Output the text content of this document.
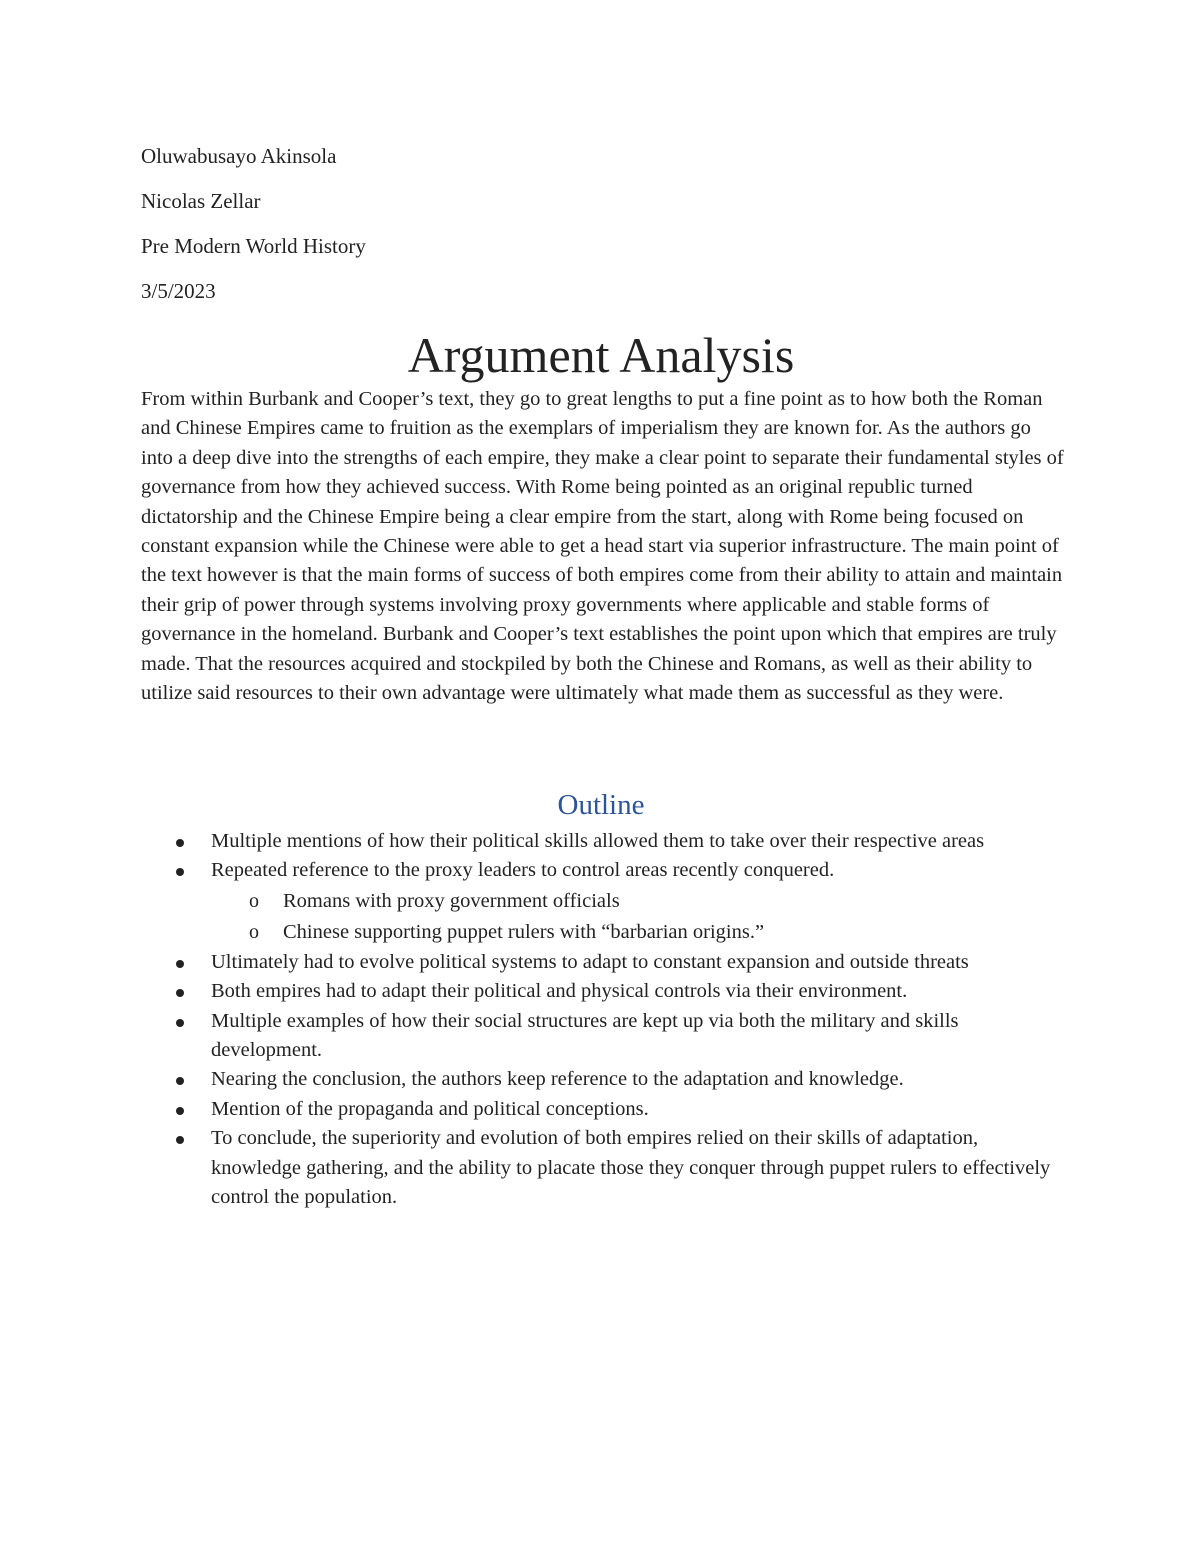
Oluwabusayo Akinsola

Nicolas Zellar

Pre Modern World History

3/5/2023

Argument Analysis

From within Burbank and Cooper’s text, they go to great lengths to put a fine point as to how both the Roman and Chinese Empires came to fruition as the exemplars of imperialism they are known for. As the authors go into a deep dive into the strengths of each empire, they make a clear point to separate their fundamental styles of governance from how they achieved success. With Rome being pointed as an original republic turned dictatorship and the Chinese Empire being a clear empire from the start, along with Rome being focused on constant expansion while the Chinese were able to get a head start via superior infrastructure. The main point of the text however is that the main forms of success of both empires come from their ability to attain and maintain their grip of power through systems involving proxy governments where applicable and stable forms of governance in the homeland. Burbank and Cooper’s text establishes the point upon which that empires are truly made. That the resources acquired and stockpiled by both the Chinese and Romans, as well as their ability to utilize said resources to their own advantage were ultimately what made them as successful as they were.

Outline
Multiple mentions of how their political skills allowed them to take over their respective areas
Repeated reference to the proxy leaders to control areas recently conquered.
o Romans with proxy government officials
o Chinese supporting puppet rulers with “barbarian origins.”
Ultimately had to evolve political systems to adapt to constant expansion and outside threats
Both empires had to adapt their political and physical controls via their environment.
Multiple examples of how their social structures are kept up via both the military and skills development.
Nearing the conclusion, the authors keep reference to the adaptation and knowledge.
Mention of the propaganda and political conceptions.
To conclude, the superiority and evolution of both empires relied on their skills of adaptation, knowledge gathering, and the ability to placate those they conquer through puppet rulers to effectively control the population.
